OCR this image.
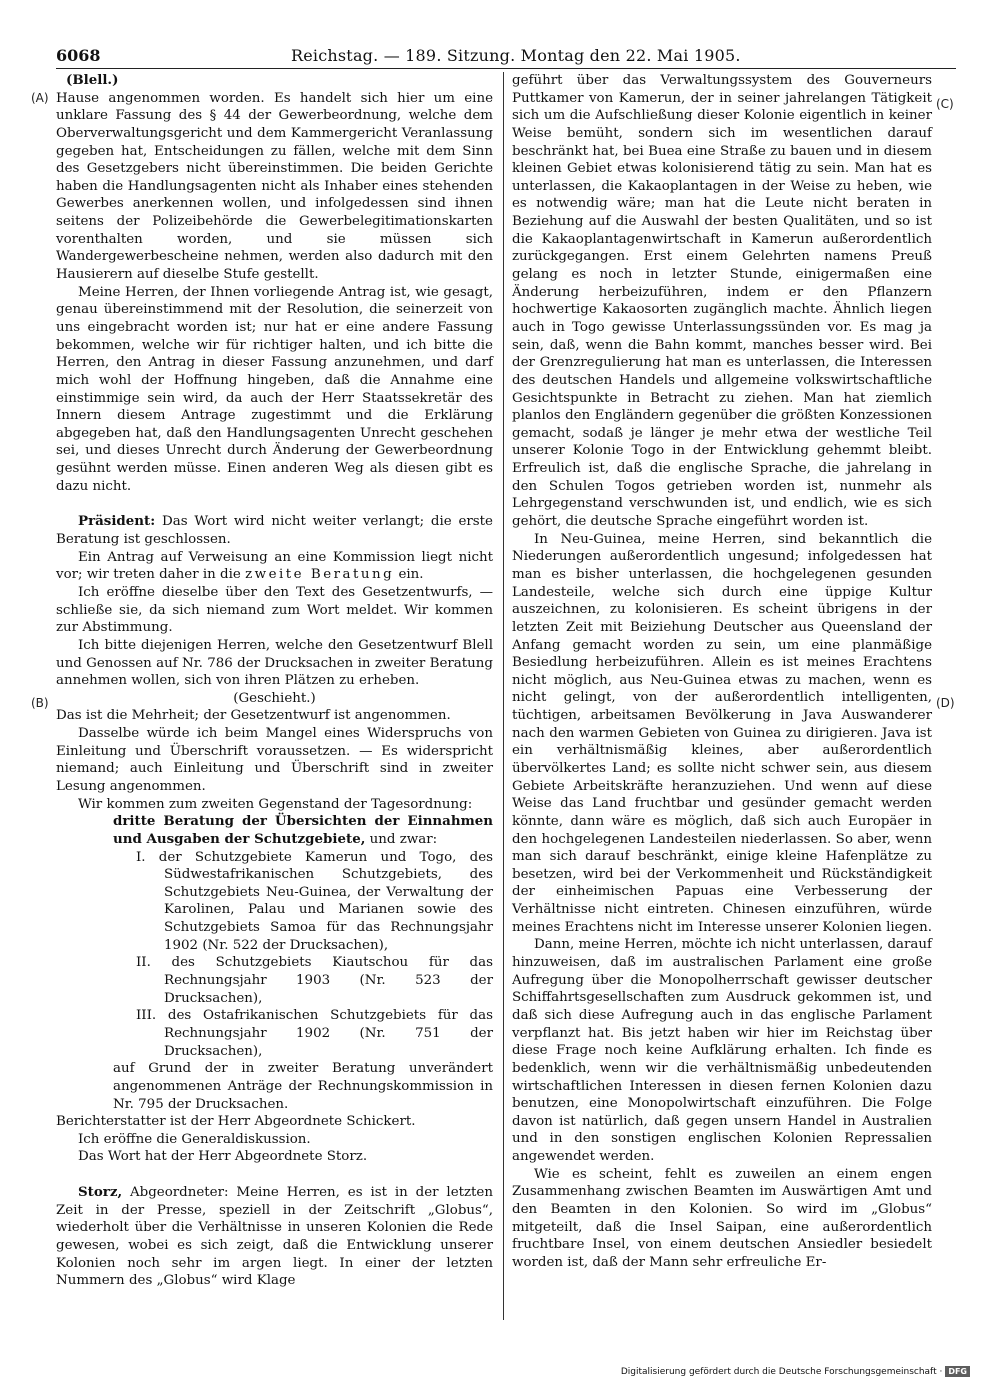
6068	Reichstag. — 189. Sitzung. Montag den 22. Mai 1905.
(A)
(B)
(C)
(D)

(Blell.)

Hause angenommen worden. Es handelt sich hier um eine unklare Fassung des § 44 der Gewerbeordnung, welche dem Oberverwaltungsgericht und dem Kammergericht Veranlassung gegeben hat, Entscheidungen zu fällen, welche mit dem Sinn des Gesetzgebers nicht übereinstimmen. Die beiden Gerichte haben die Handlungsagenten nicht als Inhaber eines stehenden Gewerbes anerkennen wollen, und infolgedessen sind ihnen seitens der Polizeibehörde die Gewerbelegitimationskarten vorenthalten worden, und sie müssen sich Wandergewerbescheine nehmen, werden also dadurch mit den Hausierern auf dieselbe Stufe gestellt.

Meine Herren, der Ihnen vorliegende Antrag ist, wie gesagt, genau übereinstimmend mit der Resolution, die seinerzeit von uns eingebracht worden ist; nur hat er eine andere Fassung bekommen, welche wir für richtiger halten, und ich bitte die Herren, den Antrag in dieser Fassung anzunehmen, und darf mich wohl der Hoffnung hingeben, daß die Annahme eine einstimmige sein wird, da auch der Herr Staatssekretär des Innern diesem Antrage zugestimmt und die Erklärung abgegeben hat, daß den Handlungsagenten Unrecht geschehen sei, und dieses Unrecht durch Änderung der Gewerbeordnung gesühnt werden müsse. Einen anderen Weg als diesen gibt es dazu nicht.

Präsident: Das Wort wird nicht weiter verlangt; die erste Beratung ist geschlossen.

Ein Antrag auf Verweisung an eine Kommission liegt nicht vor; wir treten daher in die zweite Beratung ein.

Ich eröffne dieselbe über den Text des Gesetzentwurfs, — schließe sie, da sich niemand zum Wort meldet. Wir kommen zur Abstimmung.

Ich bitte diejenigen Herren, welche den Gesetzentwurf Blell und Genossen auf Nr. 786 der Drucksachen in zweiter Beratung annehmen wollen, sich von ihren Plätzen zu erheben.

(Geschieht.)

Das ist die Mehrheit; der Gesetzentwurf ist angenommen.

Dasselbe würde ich beim Mangel eines Widerspruchs von Einleitung und Überschrift voraussetzen. — Es widerspricht niemand; auch Einleitung und Überschrift sind in zweiter Lesung angenommen.

Wir kommen zum zweiten Gegenstand der Tagesordnung:

dritte Beratung der Übersichten der Einnahmen und Ausgaben der Schutzgebiete, und zwar:

I. der Schutzgebiete Kamerun und Togo, des Südwestafrikanischen Schutzgebiets, des Schutzgebiets Neu-Guinea, der Verwaltung der Karolinen, Palau und Marianen sowie des Schutzgebiets Samoa für das Rechnungsjahr 1902 (Nr. 522 der Drucksachen),

II. des Schutzgebiets Kiautschou für das Rechnungsjahr 1903 (Nr. 523 der Drucksachen),

III. des Ostafrikanischen Schutzgebiets für das Rechnungsjahr 1902 (Nr. 751 der Drucksachen),

auf Grund der in zweiter Beratung unverändert angenommenen Anträge der Rechnungskommission in Nr. 795 der Drucksachen.

Berichterstatter ist der Herr Abgeordnete Schickert.

Ich eröffne die Generaldiskussion.

Das Wort hat der Herr Abgeordnete Storz.

Storz, Abgeordneter: Meine Herren, es ist in der letzten Zeit in der Presse, speziell in der Zeitschrift „Globus“, wiederholt über die Verhältnisse in unseren Kolonien die Rede gewesen, wobei es sich zeigt, daß die Entwicklung unserer Kolonien noch sehr im argen liegt. In einer der letzten Nummern des „Globus“ wird Klage

geführt über das Verwaltungssystem des Gouverneurs Puttkamer von Kamerun, der in seiner jahrelangen Tätigkeit sich um die Aufschließung dieser Kolonie eigentlich in keiner Weise bemüht, sondern sich im wesentlichen darauf beschränkt hat, bei Buea eine Straße zu bauen und in diesem kleinen Gebiet etwas kolonisierend tätig zu sein. Man hat es unterlassen, die Kakaoplantagen in der Weise zu heben, wie es notwendig wäre; man hat die Leute nicht beraten in Beziehung auf die Auswahl der besten Qualitäten, und so ist die Kakaoplantagenwirtschaft in Kamerun außerordentlich zurückgegangen. Erst einem Gelehrten namens Preuß gelang es noch in letzter Stunde, einigermaßen eine Änderung herbeizuführen, indem er den Pflanzern hochwertige Kakaosorten zugänglich machte. Ähnlich liegen auch in Togo gewisse Unterlassungssünden vor. Es mag ja sein, daß, wenn die Bahn kommt, manches besser wird. Bei der Grenzregulierung hat man es unterlassen, die Interessen des deutschen Handels und allgemeine volkswirtschaftliche Gesichtspunkte in Betracht zu ziehen. Man hat ziemlich planlos den Engländern gegenüber die größten Konzessionen gemacht, sodaß je länger je mehr etwa der westliche Teil unserer Kolonie Togo in der Entwicklung gehemmt bleibt. Erfreulich ist, daß die englische Sprache, die jahrelang in den Schulen Togos getrieben worden ist, nunmehr als Lehrgegenstand verschwunden ist, und endlich, wie es sich gehört, die deutsche Sprache eingeführt worden ist.

In Neu-Guinea, meine Herren, sind bekanntlich die Niederungen außerordentlich ungesund; infolgedessen hat man es bisher unterlassen, die hochgelegenen gesunden Landesteile, welche sich durch eine üppige Kultur auszeichnen, zu kolonisieren. Es scheint übrigens in der letzten Zeit mit Beiziehung Deutscher aus Queensland der Anfang gemacht worden zu sein, um eine planmäßige Besiedlung herbeizuführen. Allein es ist meines Erachtens nicht möglich, aus Neu-Guinea etwas zu machen, wenn es nicht gelingt, von der außerordentlich intelligenten, tüchtigen, arbeitsamen Bevölkerung in Java Auswanderer nach den warmen Gebieten von Guinea zu dirigieren. Java ist ein verhältnismäßig kleines, aber außerordentlich übervölkertes Land; es sollte nicht schwer sein, aus diesem Gebiete Arbeitskräfte heranzuziehen. Und wenn auf diese Weise das Land fruchtbar und gesünder gemacht werden könnte, dann wäre es möglich, daß sich auch Europäer in den hochgelegenen Landesteilen niederlassen. So aber, wenn man sich darauf beschränkt, einige kleine Hafenplätze zu besetzen, wird bei der Verkommenheit und Rückständigkeit der einheimischen Papuas eine Verbesserung der Verhältnisse nicht eintreten. Chinesen einzuführen, würde meines Erachtens nicht im Interesse unserer Kolonien liegen.

Dann, meine Herren, möchte ich nicht unterlassen, darauf hinzuweisen, daß im australischen Parlament eine große Aufregung über die Monopolherrschaft gewisser deutscher Schiffahrtsgesellschaften zum Ausdruck gekommen ist, und daß sich diese Aufregung auch in das englische Parlament verpflanzt hat. Bis jetzt haben wir hier im Reichstag über diese Frage noch keine Aufklärung erhalten. Ich finde es bedenklich, wenn wir die verhältnismäßig unbedeutenden wirtschaftlichen Interessen in diesen fernen Kolonien dazu benutzen, eine Monopolwirtschaft einzuführen. Die Folge davon ist natürlich, daß gegen unsern Handel in Australien und in den sonstigen englischen Kolonien Repressalien angewendet werden.

Wie es scheint, fehlt es zuweilen an einem engen Zusammenhang zwischen Beamten im Auswärtigen Amt und den Beamten in den Kolonien. So wird im „Globus“ mitgeteilt, daß die Insel Saipan, eine außerordentlich fruchtbare Insel, von einem deutschen Ansiedler besiedelt worden ist, daß der Mann sehr erfreuliche Er-

Digitalisierung gefördert durch die Deutsche Forschungsgemeinschaft · DFG
